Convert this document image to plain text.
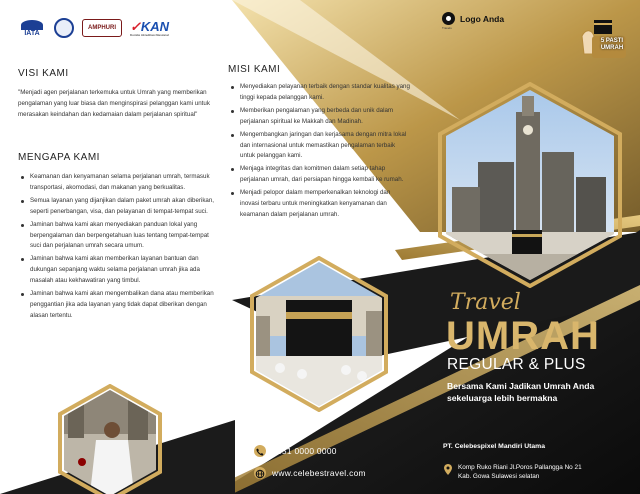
IATA
AMPHURI	✓KAN
Komite Akreditasi Nasional
VISI KAMI
"Menjadi agen perjalanan terkemuka untuk Umrah yang memberikan pengalaman yang luar biasa dan menginspirasi pelanggan kami untuk merasakan keindahan dan kedamaian dalam perjalanan spiritual"
MENGAPA KAMI
Keamanan dan kenyamanan selama perjalanan umrah, termasuk transportasi, akomodasi, dan makanan yang berkualitas.
Semua layanan yang dijanjikan dalam paket umrah akan diberikan, seperti penerbangan, visa, dan pelayanan di tempat-tempat suci.
Jaminan bahwa kami akan menyediakan panduan lokal yang berpengalaman dan berpengetahuan luas tentang tempat-tempat suci dan perjalanan umrah secara umum.
Jaminan bahwa kami akan memberikan layanan bantuan dan dukungan sepanjang waktu selama perjalanan umrah jika ada masalah atau kekhawatiran yang timbul.
Jaminan bahwa kami akan mengembalikan dana atau memberikan penggantian jika ada layanan yang tidak dapat diberikan dengan alasan tertentu.
MISI KAMI
Menyediakan pelayanan terbaik dengan standar kualitas yang tinggi kepada pelanggan kami.
Memberikan pengalaman yang berbeda dan unik dalam perjalanan spiritual ke Makkah dan Madinah.
Mengembangkan jaringan dan kerjasama dengan mitra lokal dan internasional untuk memastikan pengalaman terbaik untuk pelanggan kami.
Menjaga integritas dan komitmen dalam setiap tahap perjalanan umrah, dari persiapan hingga kembali ke rumah.
Menjadi pelopor dalam memperkenalkan teknologi dan inovasi terbaru untuk meningkatkan kenyamanan dan keamanan dalam perjalanan umrah.
Logo Anda
Travels
5 PASTI UMRAH
Travel
UMRAH
REGULAR & PLUS
Bersama Kami Jadikan Umrah Anda sekeluarga lebih bermakna
0851 0000 0000
www.celebestravel.com
PT. Celebespixel Mandiri Utama
Komp Ruko Riani Jl.Poros Pallangga No 21
Kab. Gowa Sulawesi selatan
